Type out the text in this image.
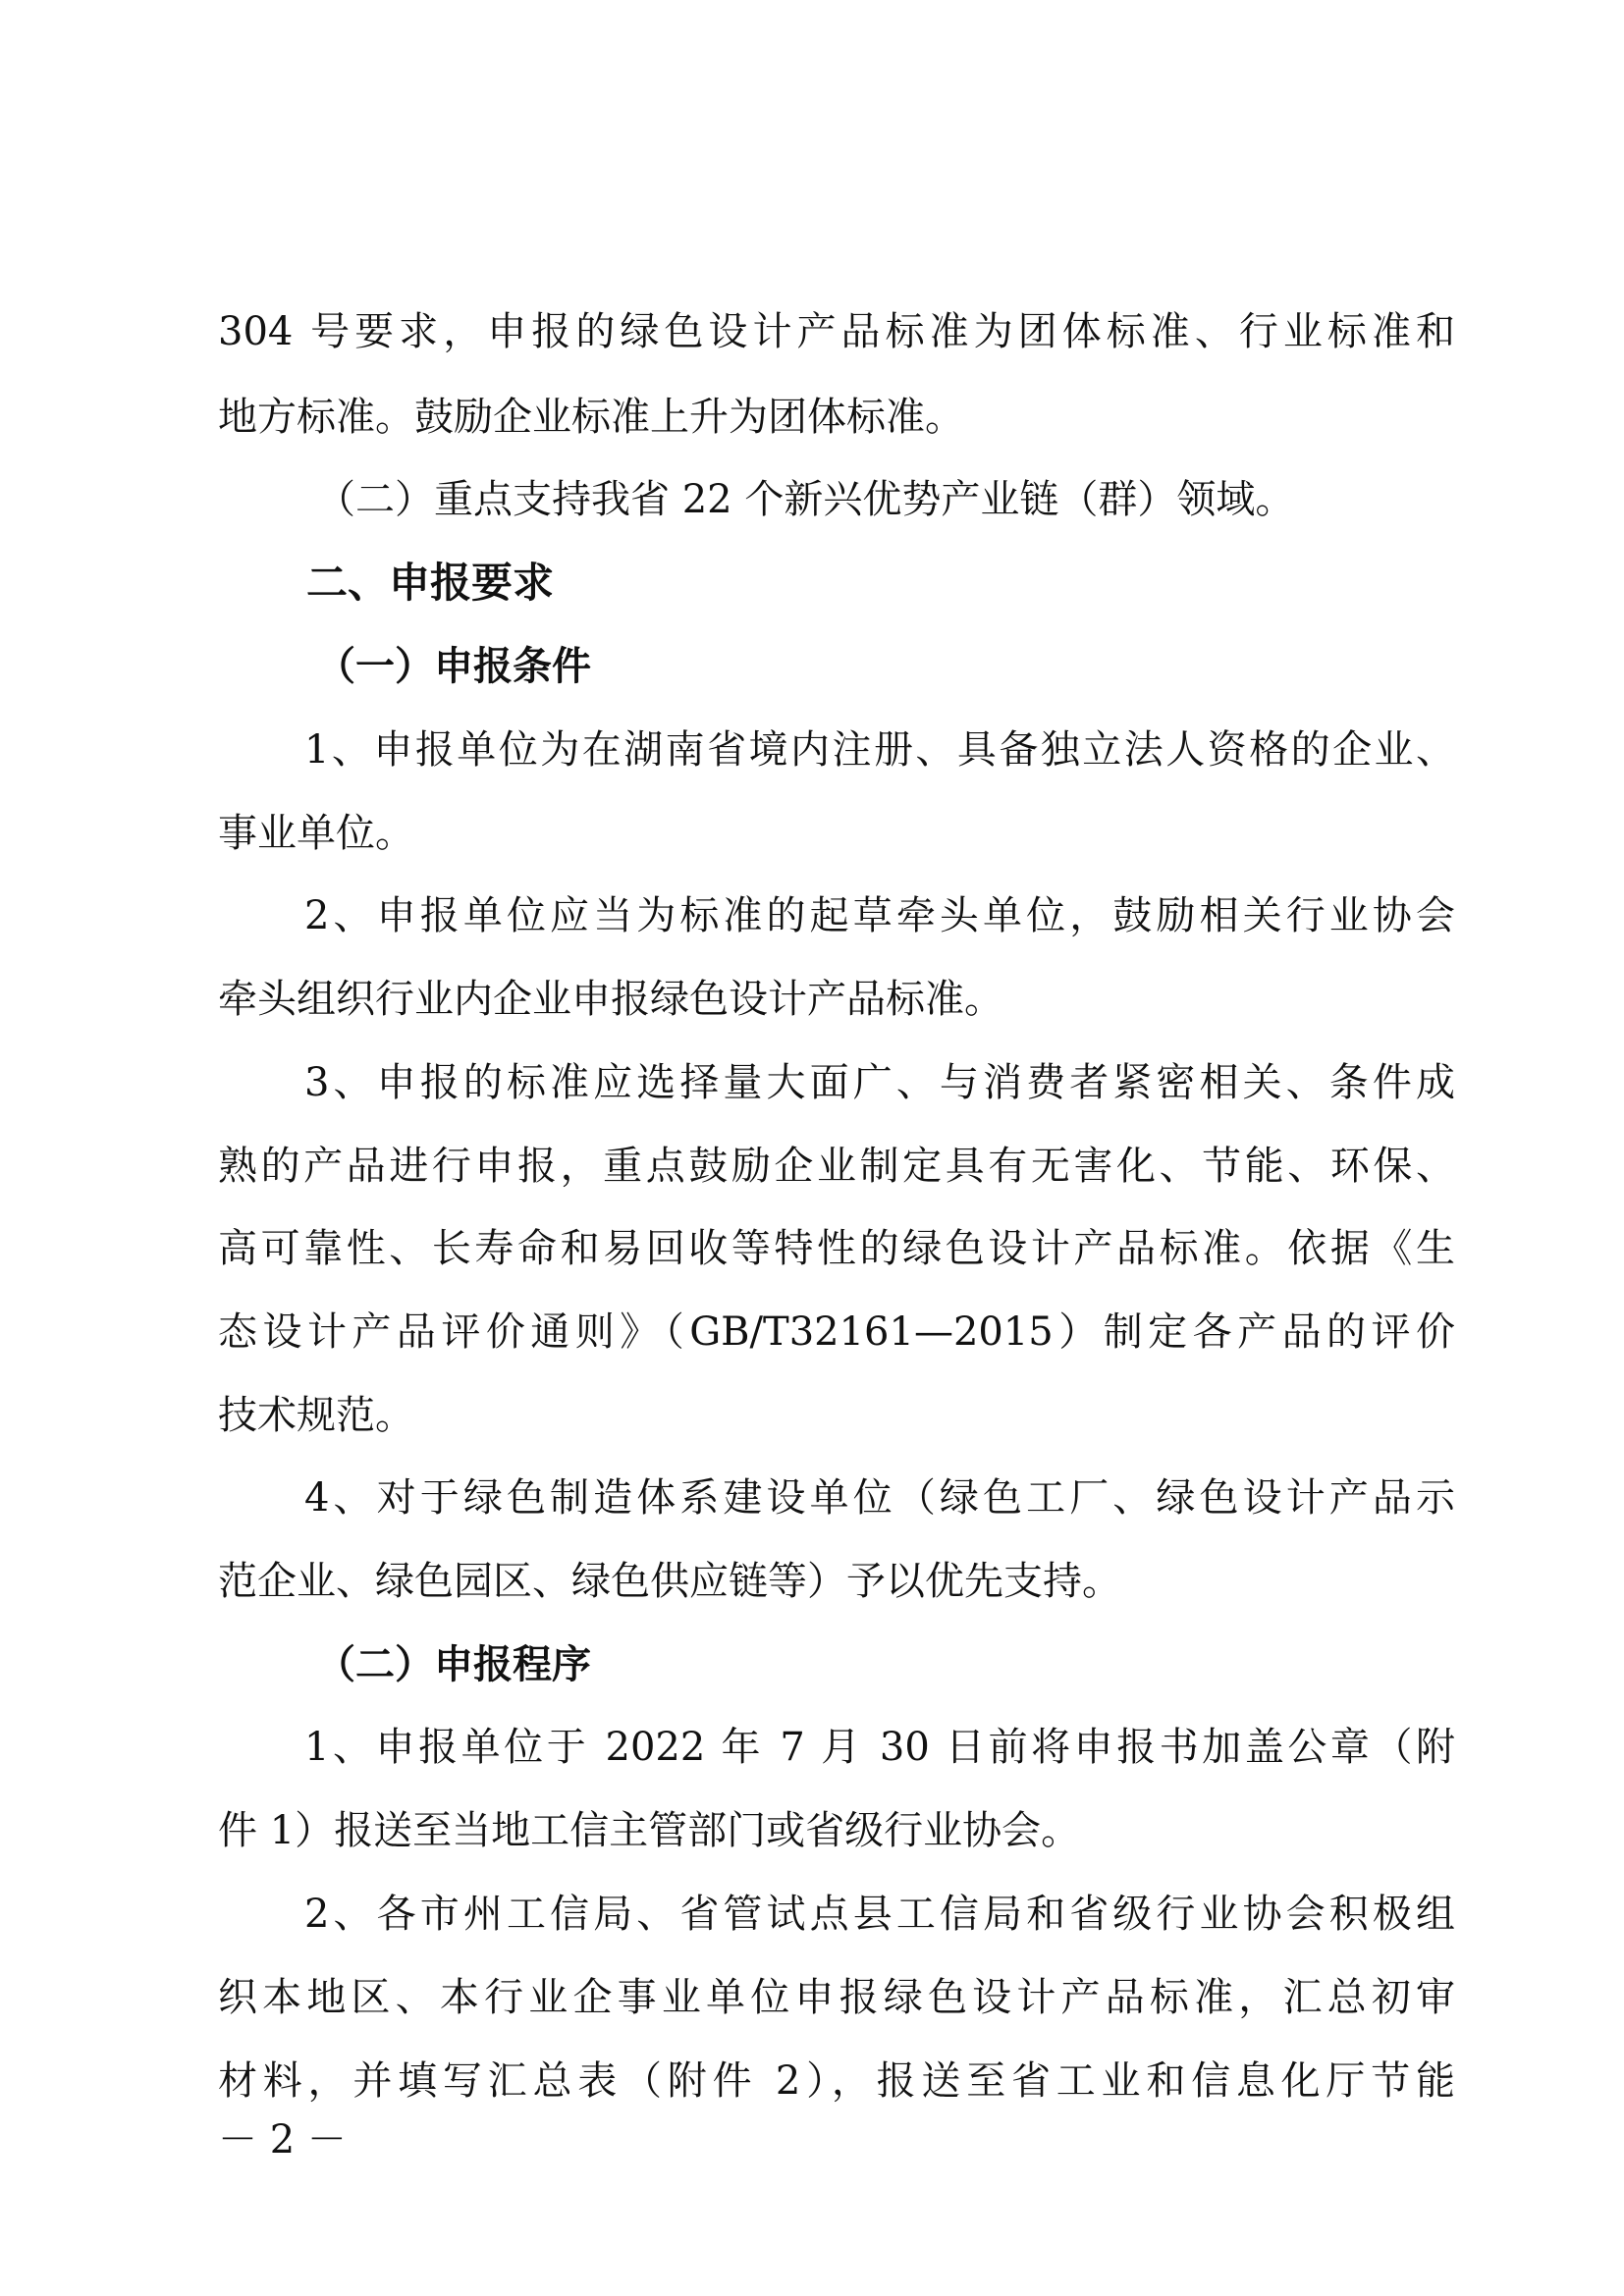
304 号要求，申报的绿色设计产品标准为团体标准、行业标准和
地方标准。鼓励企业标准上升为团体标准。
（二）重点支持我省 22 个新兴优势产业链（群）领域。
二、申报要求
（一）申报条件
1、申报单位为在湖南省境内注册、具备独立法人资格的企业、
事业单位。
2、申报单位应当为标准的起草牵头单位，鼓励相关行业协会
牵头组织行业内企业申报绿色设计产品标准。
3、申报的标准应选择量大面广、与消费者紧密相关、条件成
熟的产品进行申报，重点鼓励企业制定具有无害化、节能、环保、
高可靠性、长寿命和易回收等特性的绿色设计产品标准。依据《生
态设计产品评价通则》（GB/T32161—2015）制定各产品的评价
技术规范。
4、对于绿色制造体系建设单位（绿色工厂、绿色设计产品示
范企业、绿色园区、绿色供应链等）予以优先支持。
（二）申报程序
1、申报单位于 2022 年 7 月 30 日前将申报书加盖公章（附
件 1）报送至当地工信主管部门或省级行业协会。
2、各市州工信局、省管试点县工信局和省级行业协会积极组
织本地区、本行业企事业单位申报绿色设计产品标准，汇总初审
材料，并填写汇总表（附件 2），报送至省工业和信息化厅节能
－ 2 －
